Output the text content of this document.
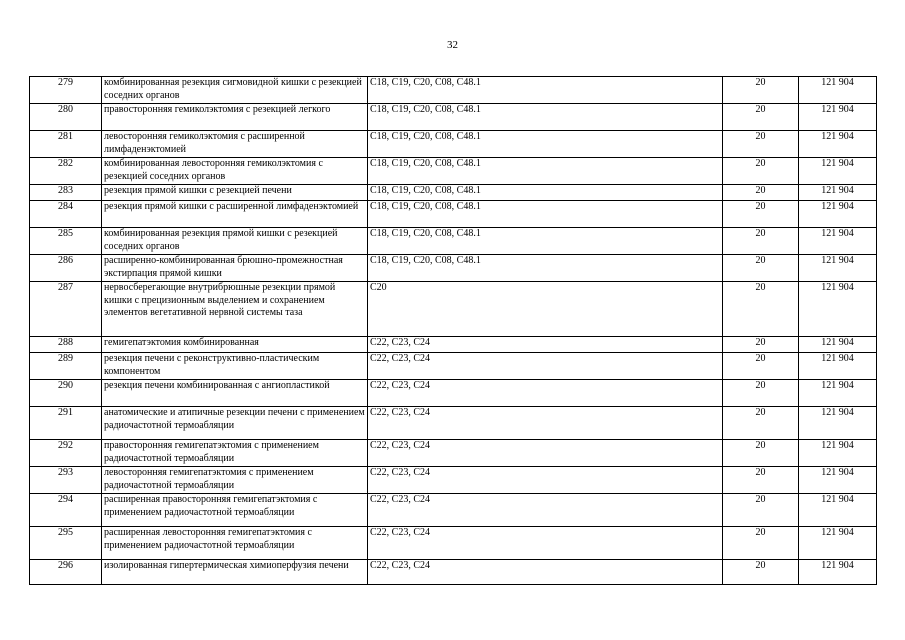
32
279	комбинированная резекция сигмовидной кишки с резекцией соседних органов	C18, C19, C20, C08, C48.1	20	121 904
280	правосторонняя гемиколэктомия с резекцией легкого	C18, C19, C20, C08, C48.1	20	121 904
281	левосторонняя гемиколэктомия с расширенной лимфаденэктомией	C18, C19, C20, C08, C48.1	20	121 904
282	комбинированная левосторонняя гемиколэктомия с резекцией соседних органов	C18, C19, C20, C08, C48.1	20	121 904
283	резекция прямой кишки с резекцией печени	C18, C19, C20, C08, C48.1	20	121 904
284	резекция прямой кишки с расширенной лимфаденэктомией	C18, C19, C20, C08, C48.1	20	121 904
285	комбинированная резекция прямой кишки с резекцией соседних органов	C18, C19, C20, C08, C48.1	20	121 904
286	расширенно-комбинированная брюшно-промежностная экстирпация прямой кишки	C18, C19, C20, C08, C48.1	20	121 904
287	нервосберегающие внутрибрюшные резекции прямой кишки с прецизионным выделением и сохранением элементов вегетативной нервной системы таза	C20	20	121 904
288	гемигепатэктомия комбинированная	C22, C23, C24	20	121 904
289	резекция печени с реконструктивно-пластическим компонентом	C22, C23, C24	20	121 904
290	резекция печени комбинированная с ангиопластикой	C22, C23, C24	20	121 904
291	анатомические и атипичные резекции печени с применением радиочастотной термоабляции	C22, C23, C24	20	121 904
292	правосторонняя гемигепатэктомия с применением радиочастотной термоабляции	C22, C23, C24	20	121 904
293	левосторонняя гемигепатэктомия с применением радиочастотной термоабляции	C22, C23, C24	20	121 904
294	расширенная правосторонняя гемигепатэктомия с применением радиочастотной термоабляции	C22, C23, C24	20	121 904
295	расширенная левосторонняя гемигепатэктомия с применением радиочастотной термоабляции	C22, C23, C24	20	121 904
296	изолированная гипертермическая химиоперфузия печени	C22, C23, C24	20	121 904
